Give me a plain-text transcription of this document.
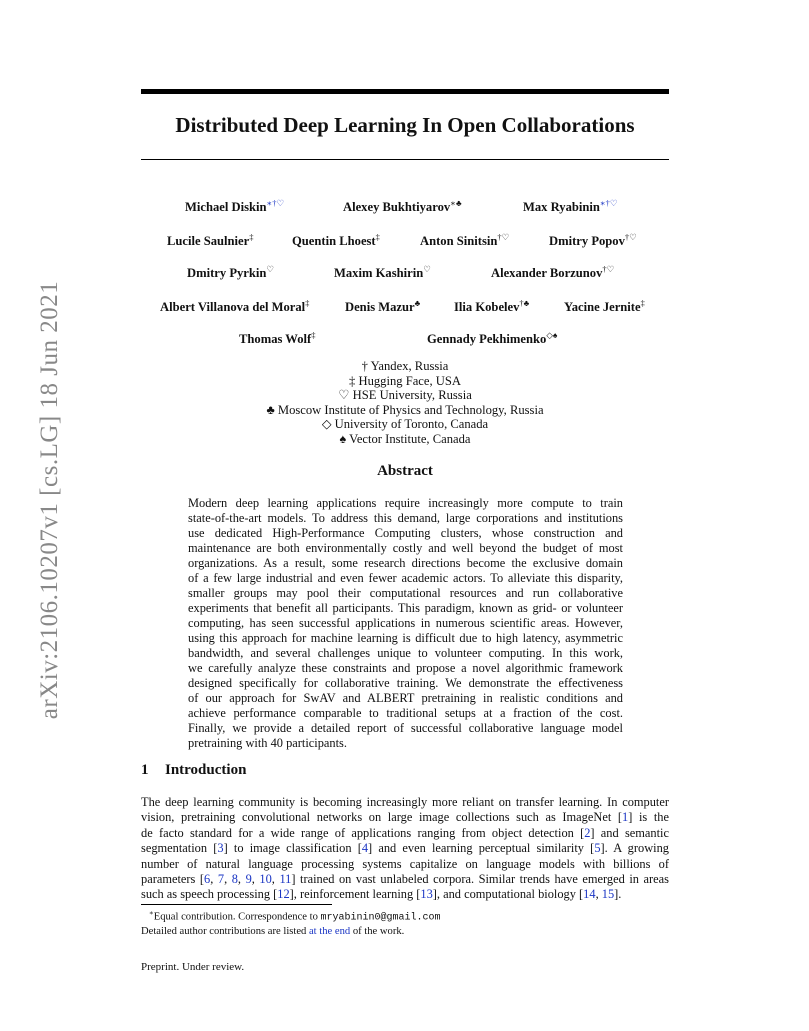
arXiv:2106.10207v1 [cs.LG] 18 Jun 2021
Distributed Deep Learning In Open Collaborations
Michael Diskin∗†♡	Alexey Bukhtiyarov∗♣	Max Ryabinin∗†♡
Lucile Saulnier‡	Quentin Lhoest‡	Anton Sinitsin†♡	Dmitry Popov†♡
Dmitry Pyrkin♡	Maxim Kashirin♡	Alexander Borzunov†♡
Albert Villanova del Moral‡	Denis Mazur♣	Ilia Kobelev†♣	Yacine Jernite‡
Thomas Wolf‡	Gennady Pekhimenko◇♠
† Yandex, Russia
‡ Hugging Face, USA
♡ HSE University, Russia
♣ Moscow Institute of Physics and Technology, Russia
◇ University of Toronto, Canada
♠ Vector Institute, Canada
Abstract
Modern deep learning applications require increasingly more compute to train
state-of-the-art models. To address this demand, large corporations and institutions
use dedicated High-Performance Computing clusters, whose construction and
maintenance are both environmentally costly and well beyond the budget of most
organizations. As a result, some research directions become the exclusive domain
of a few large industrial and even fewer academic actors. To alleviate this disparity,
smaller groups may pool their computational resources and run collaborative
experiments that benefit all participants. This paradigm, known as grid- or volunteer
computing, has seen successful applications in numerous scientific areas. However,
using this approach for machine learning is difficult due to high latency, asymmetric
bandwidth, and several challenges unique to volunteer computing. In this work,
we carefully analyze these constraints and propose a novel algorithmic framework
designed specifically for collaborative training. We demonstrate the effectiveness
of our approach for SwAV and ALBERT pretraining in realistic conditions and
achieve performance comparable to traditional setups at a fraction of the cost.
Finally, we provide a detailed report of successful collaborative language model
pretraining with 40 participants.
1 Introduction
The deep learning community is becoming increasingly more reliant on transfer learning. In computer
vision, pretraining convolutional networks on large image collections such as ImageNet [1] is the
de facto standard for a wide range of applications ranging from object detection [2] and semantic
segmentation [3] to image classification [4] and even learning perceptual similarity [5]. A growing
number of natural language processing systems capitalize on language models with billions of
parameters [6, 7, 8, 9, 10, 11] trained on vast unlabeled corpora. Similar trends have emerged in areas
such as speech processing [12], reinforcement learning [13], and computational biology [14, 15].
∗Equal contribution. Correspondence to mryabinin0@gmail.com
Detailed author contributions are listed at the end of the work.
Preprint. Under review.
